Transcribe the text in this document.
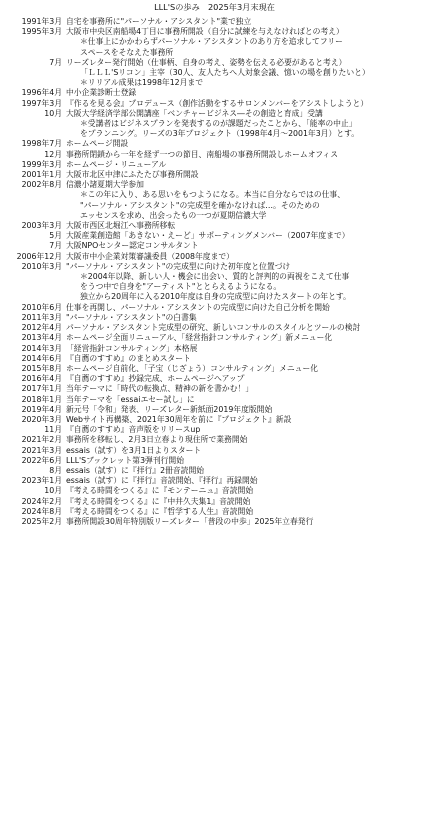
LLL'Sの歩み　2025年3月末現在
1991年3月 自宅を事務所に"パーソナル・アシスタント"業で独立
1995年3月 大阪市中央区南船場4丁目に事務所開設（自分に試練を与えなければとの考え）
＊仕事上にかかわらずパーソナル・アシスタントのあり方を追求してフリー
スペースをそなえた事務所
7月 リーズレター発行開始（仕事柄、自身の考え、姿勢を伝える必要があると考え）
「ＬＬＬ'Sリコン」主宰（30人、友人たちへ人対象会議、憶いの場を創りたいと）
＊リリアル成果は1998年12月まで
1996年4月 中小企業診断士登録
1997年3月 『作るを見る会』プロデュース（創作活動をするサロンメンバーをアシストしようと）
10月 大阪大学経済学部公開講座「ベンチャービジネス―その創造と育成」受講
＊受講者はビジネスプランを発表するのが課題だったことから、「能率の中止」
をプランニング。リーズの3年プロジェクト（1998年4月〜2001年3月）とす。
1998年7月 ホームページ開設
12月 事務所閉鎖から一年を経ず一つの節目、南船場の事務所開設しホームオフィス
1999年3月 ホームページ・リニューアル
2001年1月 大阪市北区中津にふたたび事務所開設
2002年8月 信濃小諸夏期大学参加
＊この年に入り、ある思いをもつようになる。本当に自分ならではの仕事、
"パーソナル・アシスタント"の完成型を確かなければ…。そのための
エッセンスを求め、出会ったもの一つが夏期信濃大学
2003年3月 大阪市西区北堀江へ事務所移転
5月 大阪産業創造館「あきない・えーど」サポーティングメンバー（2007年度まで）
7月 大阪NPOセンター認定コンサルタント
2006年12月 大阪市中小企業対策審議委員（2008年度まで）
2010年3月 "パーソナル・アシスタント"の完成型に向けた初年度と位置づけ
＊2004年以降、新しい人・機会に出会い、質的と評判的の両視をこえて仕事
をうつ中で自身を"アーティスト"ととらえるようになる。
独立から20周年に入る2010年度は自身の完成型に向けたスタートの年とす。
2010年6月 仕事を再開し、パーソナル・アシスタントの完成型に向けた自己分析を開始
2011年3月 "パーソナル・アシスタント"の白書集
2012年4月 パーソナル・アシスタント完成型の研究、新しいコンサルのスタイルとツールの検討
2013年4月 ホームページ全面リニューアル、「経営指針コンサルティング」新メニュー化
2014年3月 「経営指針コンサルティング」本格展
2014年6月 『自薦のすすめ』のまとめスタート
2015年8月 ホームページ自前化、「子宝（じざょう）コンサルティング」メニュー化
2016年4月 『自薦のすすめ』抄録完成、ホームページへアップ
2017年1月 当年テーマに「時代の転換点、精神の新を書かむ！」
2018年1月 当年テーマを「essaiエセー試し」に
2019年4月 新元号「令和」発表、リーズレター新紙面2019年度版開始
2020年3月 Webサイト再構築、2021年30周年を前に『プロジェクト』新設
11月 『自薦のすすめ』音声版をリリースup
2021年2月 事務所を移転し、2月3日立春より現住所で業務開始
2021年3月 essais（試す）を3月1日よりスタート
2022年6月 LLL'Sブックレット第3弾刊行開始
8月 essais（試す）に『拝行』2冊音読開始
2023年1月 essais（試す）に『拝行』音読開始、『拝行』再録開始
10月 『考える時間をつくる』に『モンテーニュ』音読開始
2024年2月 『考える時間をつくる』に『中井久夫集1』音読開始
2024年8月 『考える時間をつくる』に『哲学する人生』音読開始
2025年2月 事務所開設30周年特別版リーズレター「普段の中歩」2025年立春発行
